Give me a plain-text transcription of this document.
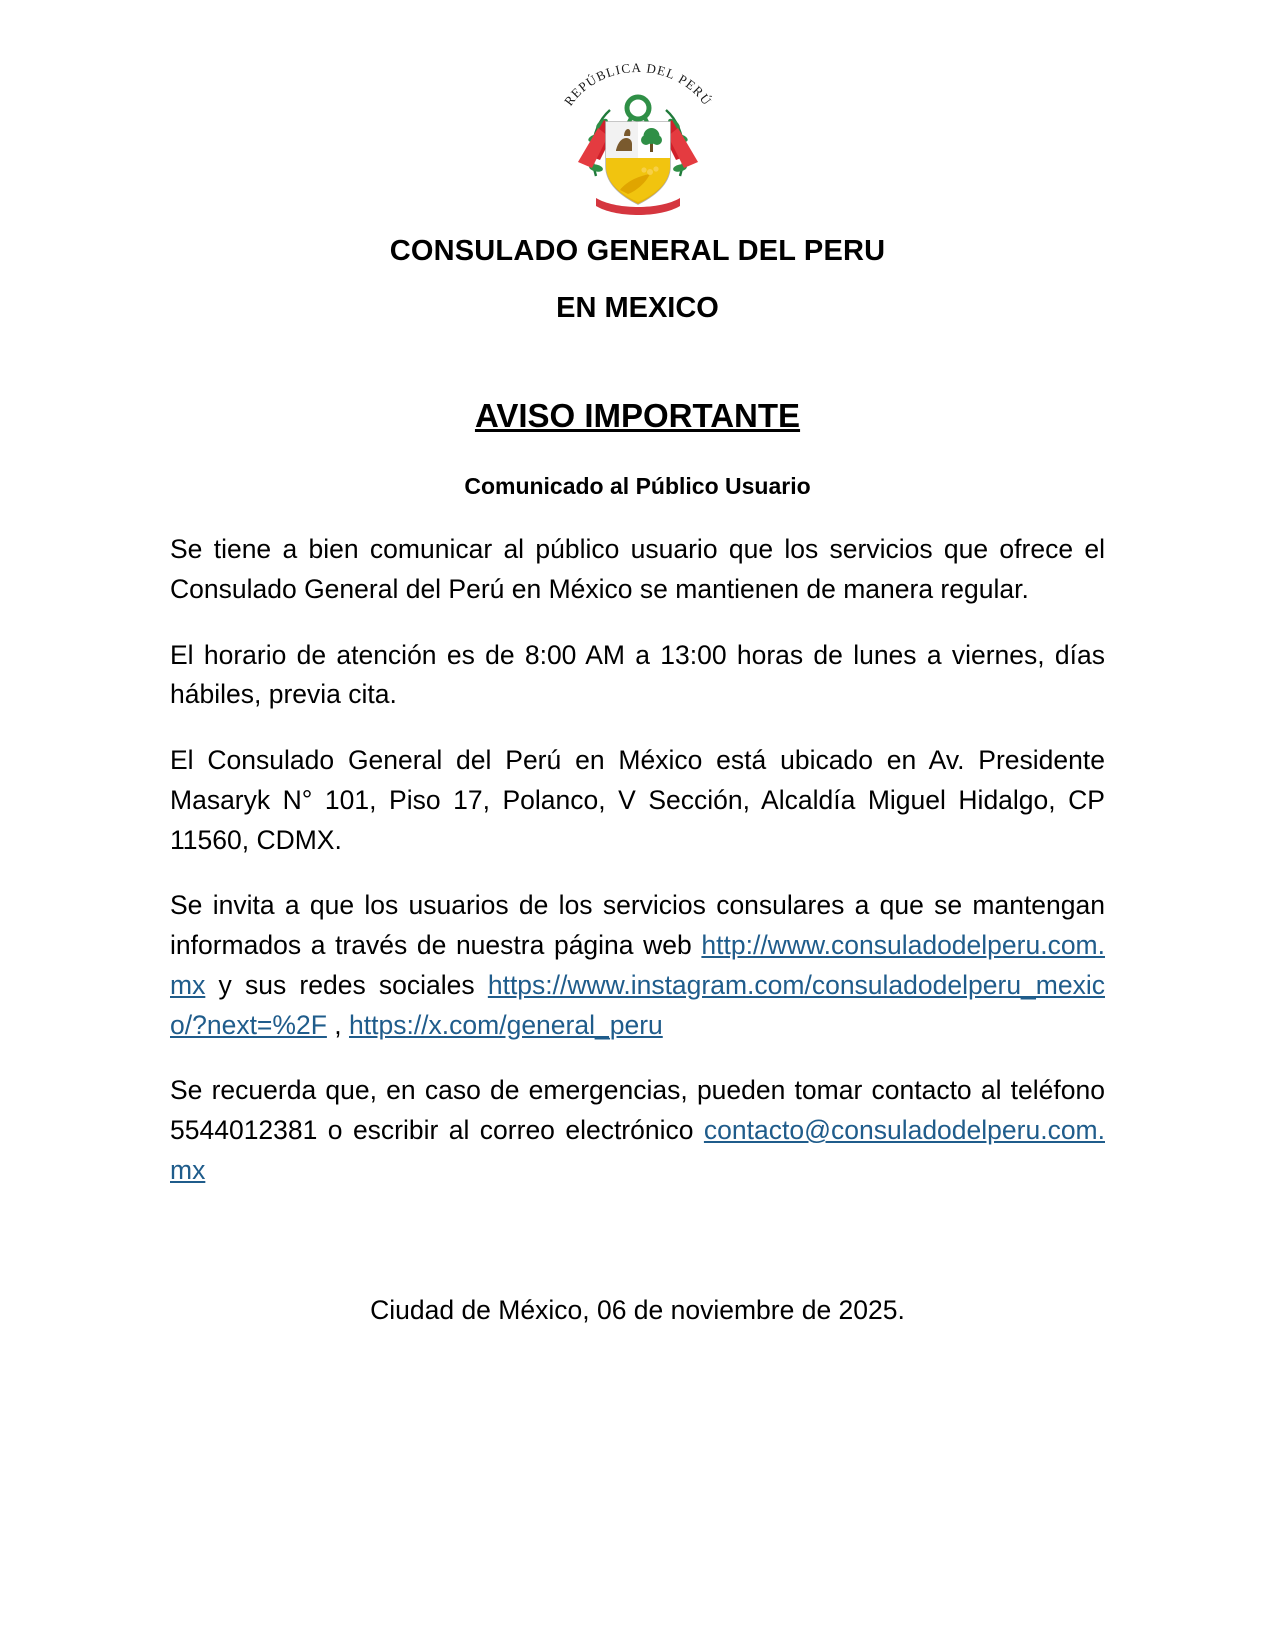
REPÚBLICA DEL PERÚ
CONSULADO GENERAL DEL PERU
EN MEXICO
AVISO IMPORTANTE
Comunicado al Público Usuario

Se tiene a bien comunicar al público usuario que los servicios que ofrece el Consulado General del Perú en México se mantienen de manera regular.

El horario de atención es de 8:00 AM a 13:00 horas de lunes a viernes, días hábiles, previa cita.

El Consulado General del Perú en México está ubicado en Av. Presidente Masaryk N° 101, Piso 17, Polanco, V Sección, Alcaldía Miguel Hidalgo, CP 11560, CDMX.

Se invita a que los usuarios de los servicios consulares a que se mantengan informados a través de nuestra página web http://www.consuladodelperu.com.mx y sus redes sociales https://www.instagram.com/consuladodelperu_mexico/?next=%2F , https://x.com/general_peru

Se recuerda que, en caso de emergencias, pueden tomar contacto al teléfono 5544012381 o escribir al correo electrónico contacto@consuladodelperu.com.mx

Ciudad de México, 06 de noviembre de 2025.
